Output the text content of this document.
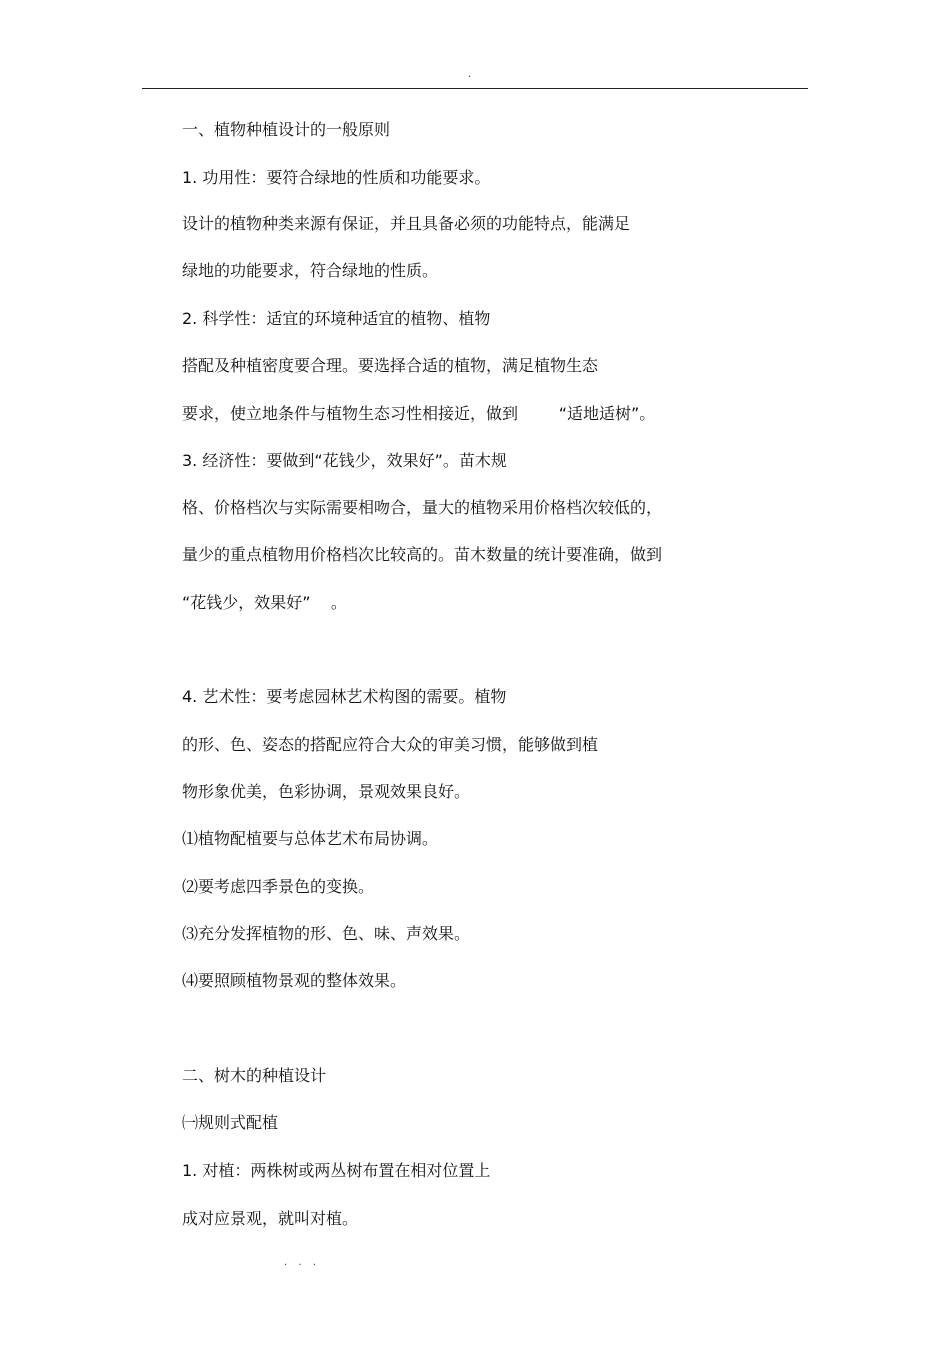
.
一、植物种植设计的一般原则
1. 功用性：要符合绿地的性质和功能要求。
设计的植物种类来源有保证，并且具备必须的功能特点，能满足
绿地的功能要求，符合绿地的性质。
2. 科学性：适宜的环境种适宜的植物、植物
搭配及种植密度要合理。要选择合适的植物，满足植物生态
要求，使立地条件与植物生态习性相接近，做到        “适地适树”。
3. 经济性：要做到“花钱少，效果好”。苗木规
格、价格档次与实际需要相吻合，量大的植物采用价格档次较低的，
量少的重点植物用价格档次比较高的。苗木数量的统计要准确，做到
“花钱少，效果好”    。
4. 艺术性：要考虑园林艺术构图的需要。植物
的形、色、姿态的搭配应符合大众的审美习惯，能够做到植
物形象优美，色彩协调，景观效果良好。
⑴植物配植要与总体艺术布局协调。
⑵要考虑四季景色的变换。
⑶充分发挥植物的形、色、味、声效果。
⑷要照顾植物景观的整体效果。
二、树木的种植设计
㈠规则式配植
1. 对植：两株树或两丛树布置在相对位置上
成对应景观，就叫对植。
. . .
